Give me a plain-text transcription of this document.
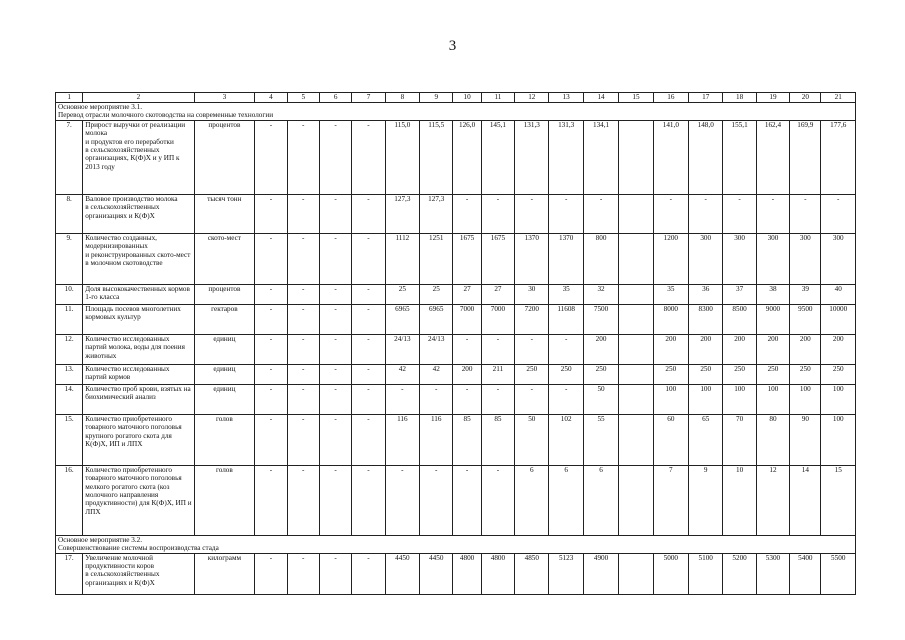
3
1	2	3	4	5	6	7	8	9	10	11	12	13	14	15	16	17	18	19	20	21
Основное мероприятие 3.1.
Перевод отрасли молочного скотоводства на современные технологии																				
7.	Прирост выручки от реализации молока
и продуктов его переработки
в сельскохозяйственных организациях, К(Ф)Х и у ИП к 2013 году	процентов	-	-	-	-	115,0	115,5	126,0	145,1	131,3	131,3	134,1		141,0	148,0	155,1	162,4	169,9	177,6
8.	Валовое производство молока
в сельскохозяйственных организациях и К(Ф)Х	тысяч тонн	-	-	-	-	127,3	127,3	-	-	-	-	-		-	-	-	-	-	-
9.	Количество созданных, модернизированных
и реконструированных ското-мест в молочном скотоводстве	ското-мест	-	-	-	-	1112	1251	1675	1675	1370	1370	800		1200	300	300	300	300	300
10.	Доля высококачественных кормов 1-го класса	процентов	-	-	-	-	25	25	27	27	30	35	32		35	36	37	38	39	40
11.	Площадь посевов многолетних кормовых культур	гектаров	-	-	-	-	6965	6965	7000	7000	7200	11608	7500		8000	8300	8500	9000	9500	10000
12.	Количество исследованных партий молока, воды для поения животных	единиц	-	-	-	-	24/13	24/13	-	-	-	-	200		200	200	200	200	200	200
13.	Количество исследованных партий кормов	единиц	-	-	-	-	42	42	200	211	250	250	250		250	250	250	250	250	250
14.	Количество проб крови, взятых на биохимический анализ	единиц	-	-	-	-	-	-	-	-	-	-	50		100	100	100	100	100	100
15.	Количество приобретенного товарного маточного поголовья крупного рогатого скота для К(Ф)Х, ИП и ЛПХ	голов	-	-	-	-	116	116	85	85	50	102	55		60	65	70	80	90	100
16.	Количество приобретенного товарного маточного поголовья мелкого рогатого скота (коз молочного направления продуктивности) для К(Ф)Х, ИП и ЛПХ	голов	-	-	-	-	-	-	-	-	6	6	6		7	9	10	12	14	15
Основное мероприятие 3.2.
Совершенствование системы воспроизводства стада																				
17.	Увеличение молочной продуктивности коров
в сельскохозяйственных организациях и К(Ф)Х	килограмм	-	-	-	-	4450	4450	4800	4800	4850	5123	4900		5000	5100	5200	5300	5400	5500
